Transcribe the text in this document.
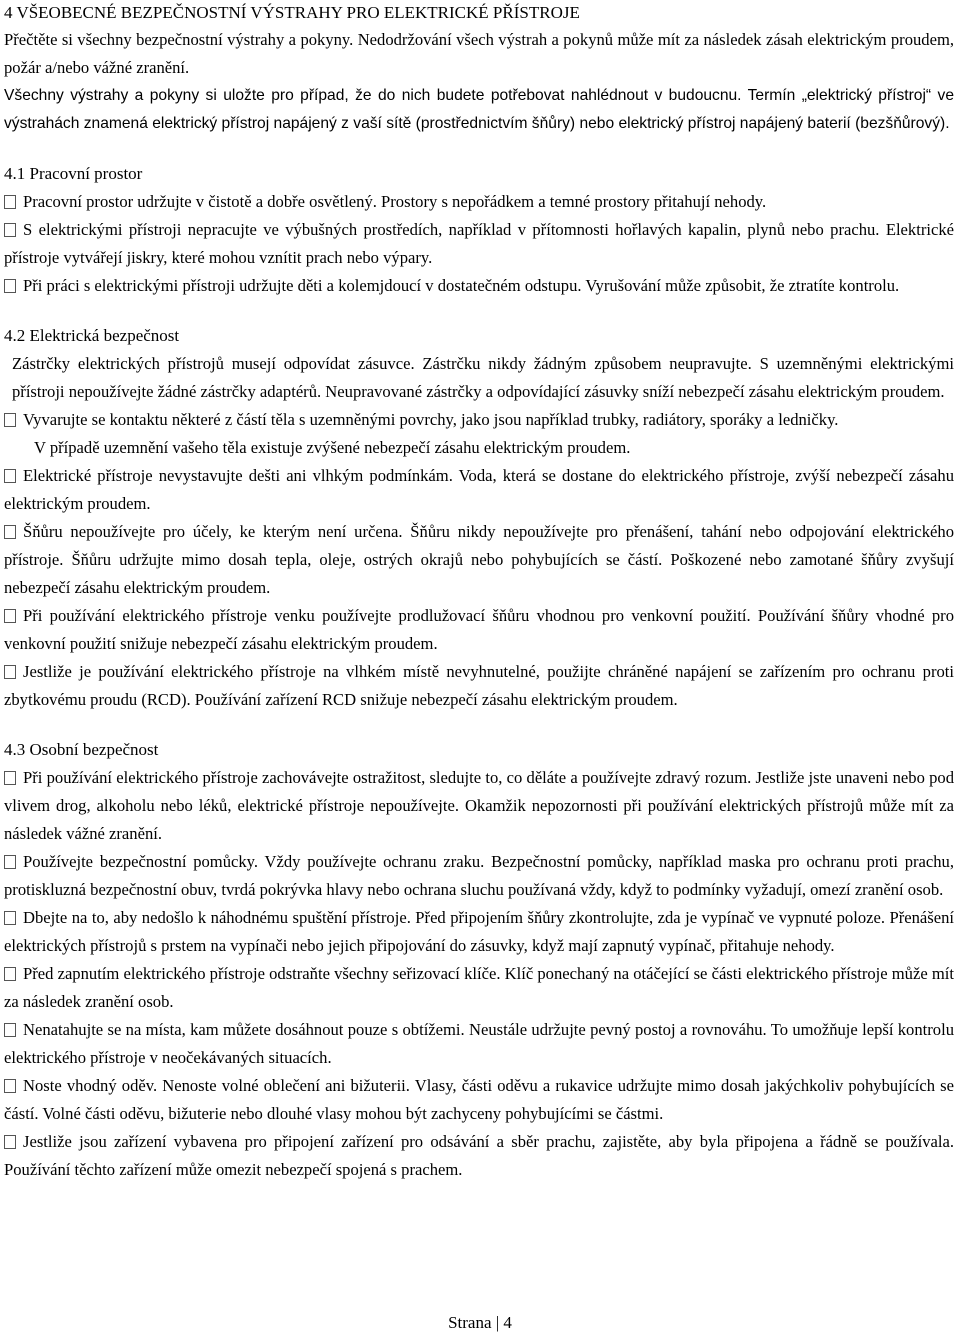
4 VŠEOBECNÉ BEZPEČNOSTNÍ VÝSTRAHY PRO ELEKTRICKÉ PŘÍSTROJE

Přečtěte si všechny bezpečnostní výstrahy a pokyny. Nedodržování všech výstrah a pokynů může mít za následek zásah elektrickým proudem, požár a/nebo vážné zranění.

Všechny výstrahy a pokyny si uložte pro případ, že do nich budete potřebovat nahlédnout v budoucnu. Termín „elektrický přístroj“ ve výstrahách znamená elektrický přístroj napájený z vaší sítě (prostřednictvím šňůry) nebo elektrický přístroj napájený baterií (bezšňůrový).

4.1 Pracovní prostor

Pracovní prostor udržujte v čistotě a dobře osvětlený. Prostory s nepořádkem a temné prostory přitahují nehody.

S elektrickými přístroji nepracujte ve výbušných prostředích, například v přítomnosti hořlavých kapalin, plynů nebo prachu. Elektrické přístroje vytvářejí jiskry, které mohou vznítit prach nebo výpary.

Při práci s elektrickými přístroji udržujte děti a kolemjdoucí v dostatečném odstupu. Vyrušování může způsobit, že ztratíte kontrolu.

4.2 Elektrická bezpečnost

Zástrčky elektrických přístrojů musejí odpovídat zásuvce. Zástrčku nikdy žádným způsobem neupravujte. S uzemněnými elektrickými přístroji nepoužívejte žádné zástrčky adaptérů. Neupravované zástrčky a odpovídající zásuvky sníží nebezpečí zásahu elektrickým proudem.

Vyvarujte se kontaktu některé z částí těla s uzemněnými povrchy, jako jsou například trubky, radiátory, sporáky a ledničky.

V případě uzemnění vašeho těla existuje zvýšené nebezpečí zásahu elektrickým proudem.

Elektrické přístroje nevystavujte dešti ani vlhkým podmínkám. Voda, která se dostane do elektrického přístroje, zvýší nebezpečí zásahu elektrickým proudem.

Šňůru nepoužívejte pro účely, ke kterým není určena. Šňůru nikdy nepoužívejte pro přenášení, tahání nebo odpojování elektrického přístroje. Šňůru udržujte mimo dosah tepla, oleje, ostrých okrajů nebo pohybujících se částí. Poškozené nebo zamotané šňůry zvyšují nebezpečí zásahu elektrickým proudem.

Při používání elektrického přístroje venku používejte prodlužovací šňůru vhodnou pro venkovní použití. Používání šňůry vhodné pro venkovní použití snižuje nebezpečí zásahu elektrickým proudem.

Jestliže je používání elektrického přístroje na vlhkém místě nevyhnutelné, použijte chráněné napájení se zařízením pro ochranu proti zbytkovému proudu (RCD). Používání zařízení RCD snižuje nebezpečí zásahu elektrickým proudem.

4.3 Osobní bezpečnost

Při používání elektrického přístroje zachovávejte ostražitost, sledujte to, co děláte a používejte zdravý rozum. Jestliže jste unaveni nebo pod vlivem drog, alkoholu nebo léků, elektrické přístroje nepoužívejte. Okamžik nepozornosti při používání elektrických přístrojů může mít za následek vážné zranění.

Používejte bezpečnostní pomůcky. Vždy používejte ochranu zraku. Bezpečnostní pomůcky, například maska pro ochranu proti prachu, protiskluzná bezpečnostní obuv, tvrdá pokrývka hlavy nebo ochrana sluchu používaná vždy, když to podmínky vyžadují, omezí zranění osob.

Dbejte na to, aby nedošlo k náhodnému spuštění přístroje. Před připojením šňůry zkontrolujte, zda je vypínač ve vypnuté poloze. Přenášení elektrických přístrojů s prstem na vypínači nebo jejich připojování do zásuvky, když mají zapnutý vypínač, přitahuje nehody.

Před zapnutím elektrického přístroje odstraňte všechny seřizovací klíče. Klíč ponechaný na otáčející se části elektrického přístroje může mít za následek zranění osob.

Nenatahujte se na místa, kam můžete dosáhnout pouze s obtížemi. Neustále udržujte pevný postoj a rovnováhu. To umožňuje lepší kontrolu elektrického přístroje v neočekávaných situacích.

Noste vhodný oděv. Nenoste volné oblečení ani bižuterii. Vlasy, části oděvu a rukavice udržujte mimo dosah jakýchkoliv pohybujících se částí. Volné části oděvu, bižuterie nebo dlouhé vlasy mohou být zachyceny pohybujícími se částmi.

Jestliže jsou zařízení vybavena pro připojení zařízení pro odsávání a sběr prachu, zajistěte, aby byla připojena a řádně se používala. Používání těchto zařízení může omezit nebezpečí spojená s prachem.

Strana | 4
